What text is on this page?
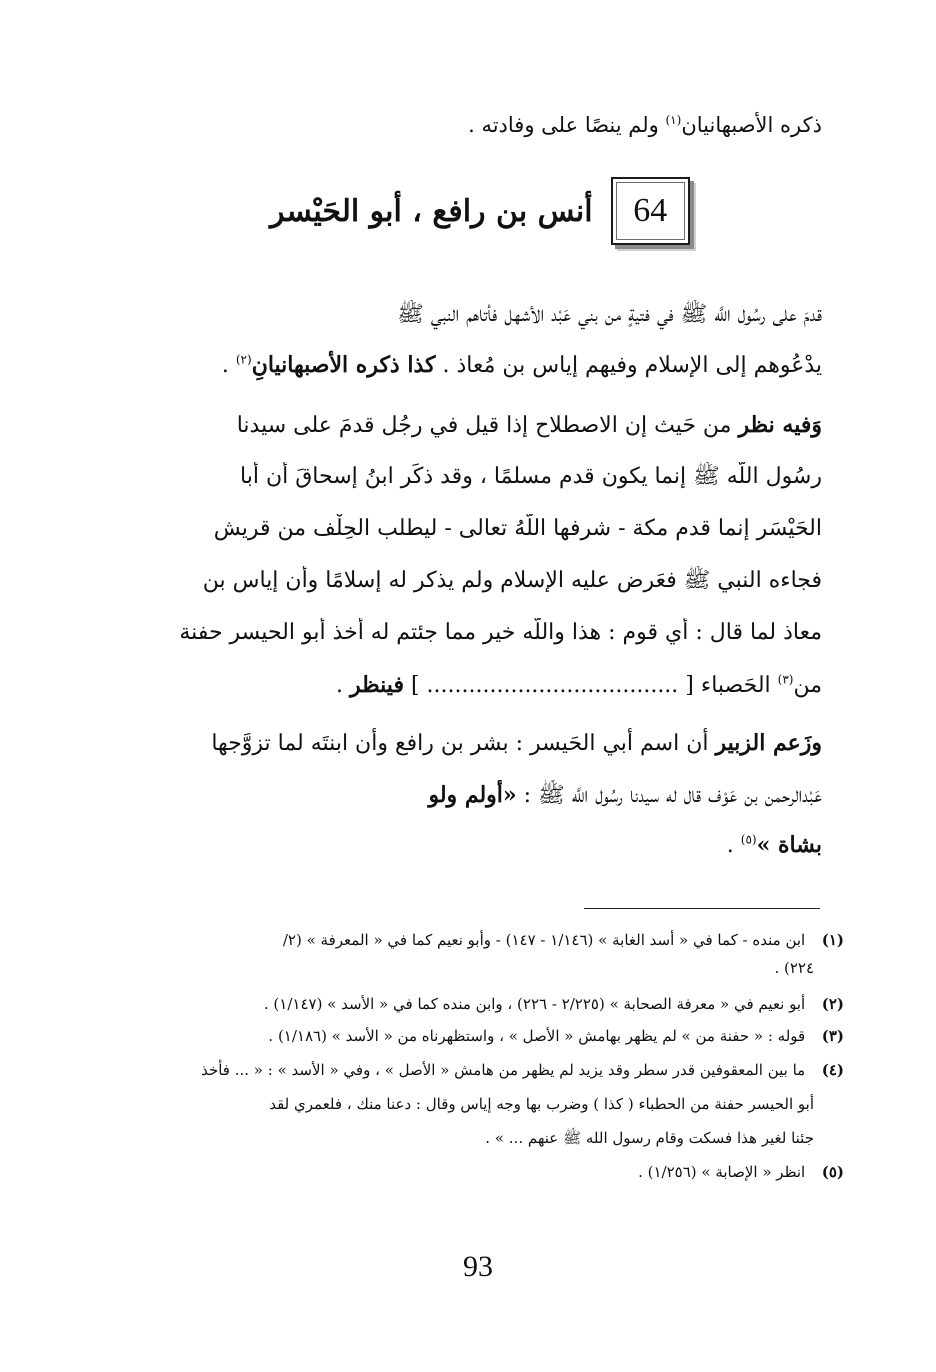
ذكره الأصبهانيان$^{(١)}$ ولم ينصًا على وفادته .
64
أنس بن رافع ، أبو الحَيْسر
قدمَ على رسُول اللَّه ﷺ في فتيةٍ من بني عَبْد الأشهل فأتاهم النبي ﷺ
يدْعُوهم إلى الإسلام وفيهم إياس بن مُعاذ . كذا ذكره الأصبهانيانِ$^{(٢)}$ .
وَفيه نظر من حَيث إن الاصطلاح إذا قيل في رجُل قدمَ على سيدنا
رسُول اللَّه ﷺ إنما يكون قدم مسلمًا ، وقد ذكَر ابنُ إسحاقَ أن أبا
الحَيْسَر إنما قدم مكة - شرفها اللَّهُ تعالى - ليطلب الحِلْف من قريش
فجاءه النبي ﷺ فعَرض عليه الإسلام ولم يذكر له إسلامًا وأن إياس بن
معاذ لما قال : أي قوم : هذا واللَّه خير مما جئتم له أخذ أبو الحيسر حفنة
من$^{(٣)}$ الحَصباء [ .................................... ] فينظر .
وزَعم الزبير أَن اسم أبي الحَيسر : بشر بن رافع وأن ابنتَه لما تزوَّجها
عَبْدالرحمن بن عَوْف قال له سيدنا رسُول اللَّه ﷺ : «أولم ولو
بشاة »$^{(٥)}$ .
(١) ابن منده - كما في « أسد الغابة » (١/١٤٦ - ١٤٧) - وأبو نعيم كما في « المعرفة » (٢/
٢٢٤) .
(٢) أبو نعيم في « معرفة الصحابة » (٢/٢٢٥ - ٢٢٦) ، وابن منده كما في « الأسد » (١/١٤٧) .
(٣) قوله : « حفنة من » لم يظهر بهامش « الأصل » ، واستظهرناه من « الأسد » (١/١٨٦) .
(٤) ما بين المعقوفين قدر سطر وقد يزيد لم يظهر من هامش « الأصل » ، وفي « الأسد » : « ... فأخذ
أبو الحيسر حفنة من الحطباء ( كذا ) وضرب بها وجه إياس وقال : دعنا منك ، فلعمري لقد
جئنا لغير هذا فسكت وقام رسول الله ﷺ عنهم ... » .
(٥) انظر « الإصابة » (١/٢٥٦) .
93
